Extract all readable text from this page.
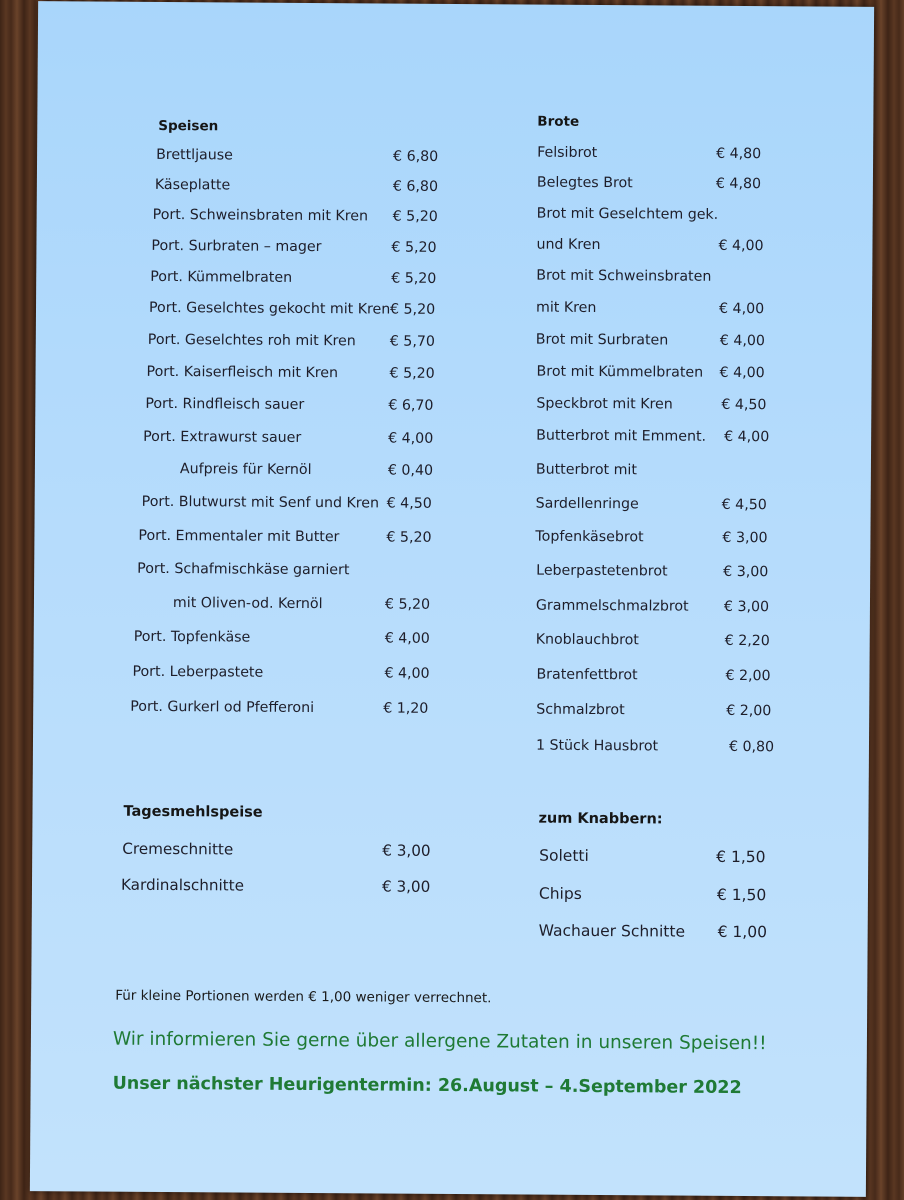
Speisen
Brettljause	€ 6,80
Käseplatte	€ 6,80
Port. Schweinsbraten mit Kren € 5,20
Port. Surbraten – mager	€ 5,20
Port. Kümmelbraten	€ 5,20
Port. Geselchtes gekocht mit Kren € 5,20
Port. Geselchtes roh mit Kren € 5,70
Port. Kaiserfleisch mit Kren	€ 5,20
Port. Rindfleisch sauer	€ 6,70
Port. Extrawurst sauer	€ 4,00
Aufpreis für Kernöl	€ 0,40
Port. Blutwurst mit Senf und Kren € 4,50
Port. Emmentaler mit Butter	€ 5,20
Port. Schafmischkäse garniert
mit Oliven-od. Kernöl	€ 5,20
Port. Topfenkäse	€ 4,00
Port. Leberpastete	€ 4,00
Port. Gurkerl od Pfefferoni	€ 1,20
Brote
Felsibrot	€ 4,80
Belegtes Brot	€ 4,80
Brot mit Geselchtem gek.
und Kren	€ 4,00
Brot mit Schweinsbraten
mit Kren	€ 4,00
Brot mit Surbraten	€ 4,00
Brot mit Kümmelbraten € 4,00
Speckbrot mit Kren	€ 4,50
Butterbrot mit Emment. € 4,00
Butterbrot mit
Sardellenringe	€ 4,50
Topfenkäsebrot	€ 3,00
Leberpastetenbrot	€ 3,00
Grammelschmalzbrot € 3,00
Knoblauchbrot	€ 2,20
Bratenfettbrot	€ 2,00
Schmalzbrot	€ 2,00
1 Stück Hausbrot	€ 0,80
Tagesmehlspeise
Cremeschnitte	€ 3,00
Kardinalschnitte	€ 3,00
zum Knabbern:
Soletti	€ 1,50
Chips	€ 1,50
Wachauer Schnitte € 1,00
Für kleine Portionen werden € 1,00 weniger verrechnet.
Wir informieren Sie gerne über allergene Zutaten in unseren Speisen!!
Unser nächster Heurigentermin: 26.August – 4.September 2022
